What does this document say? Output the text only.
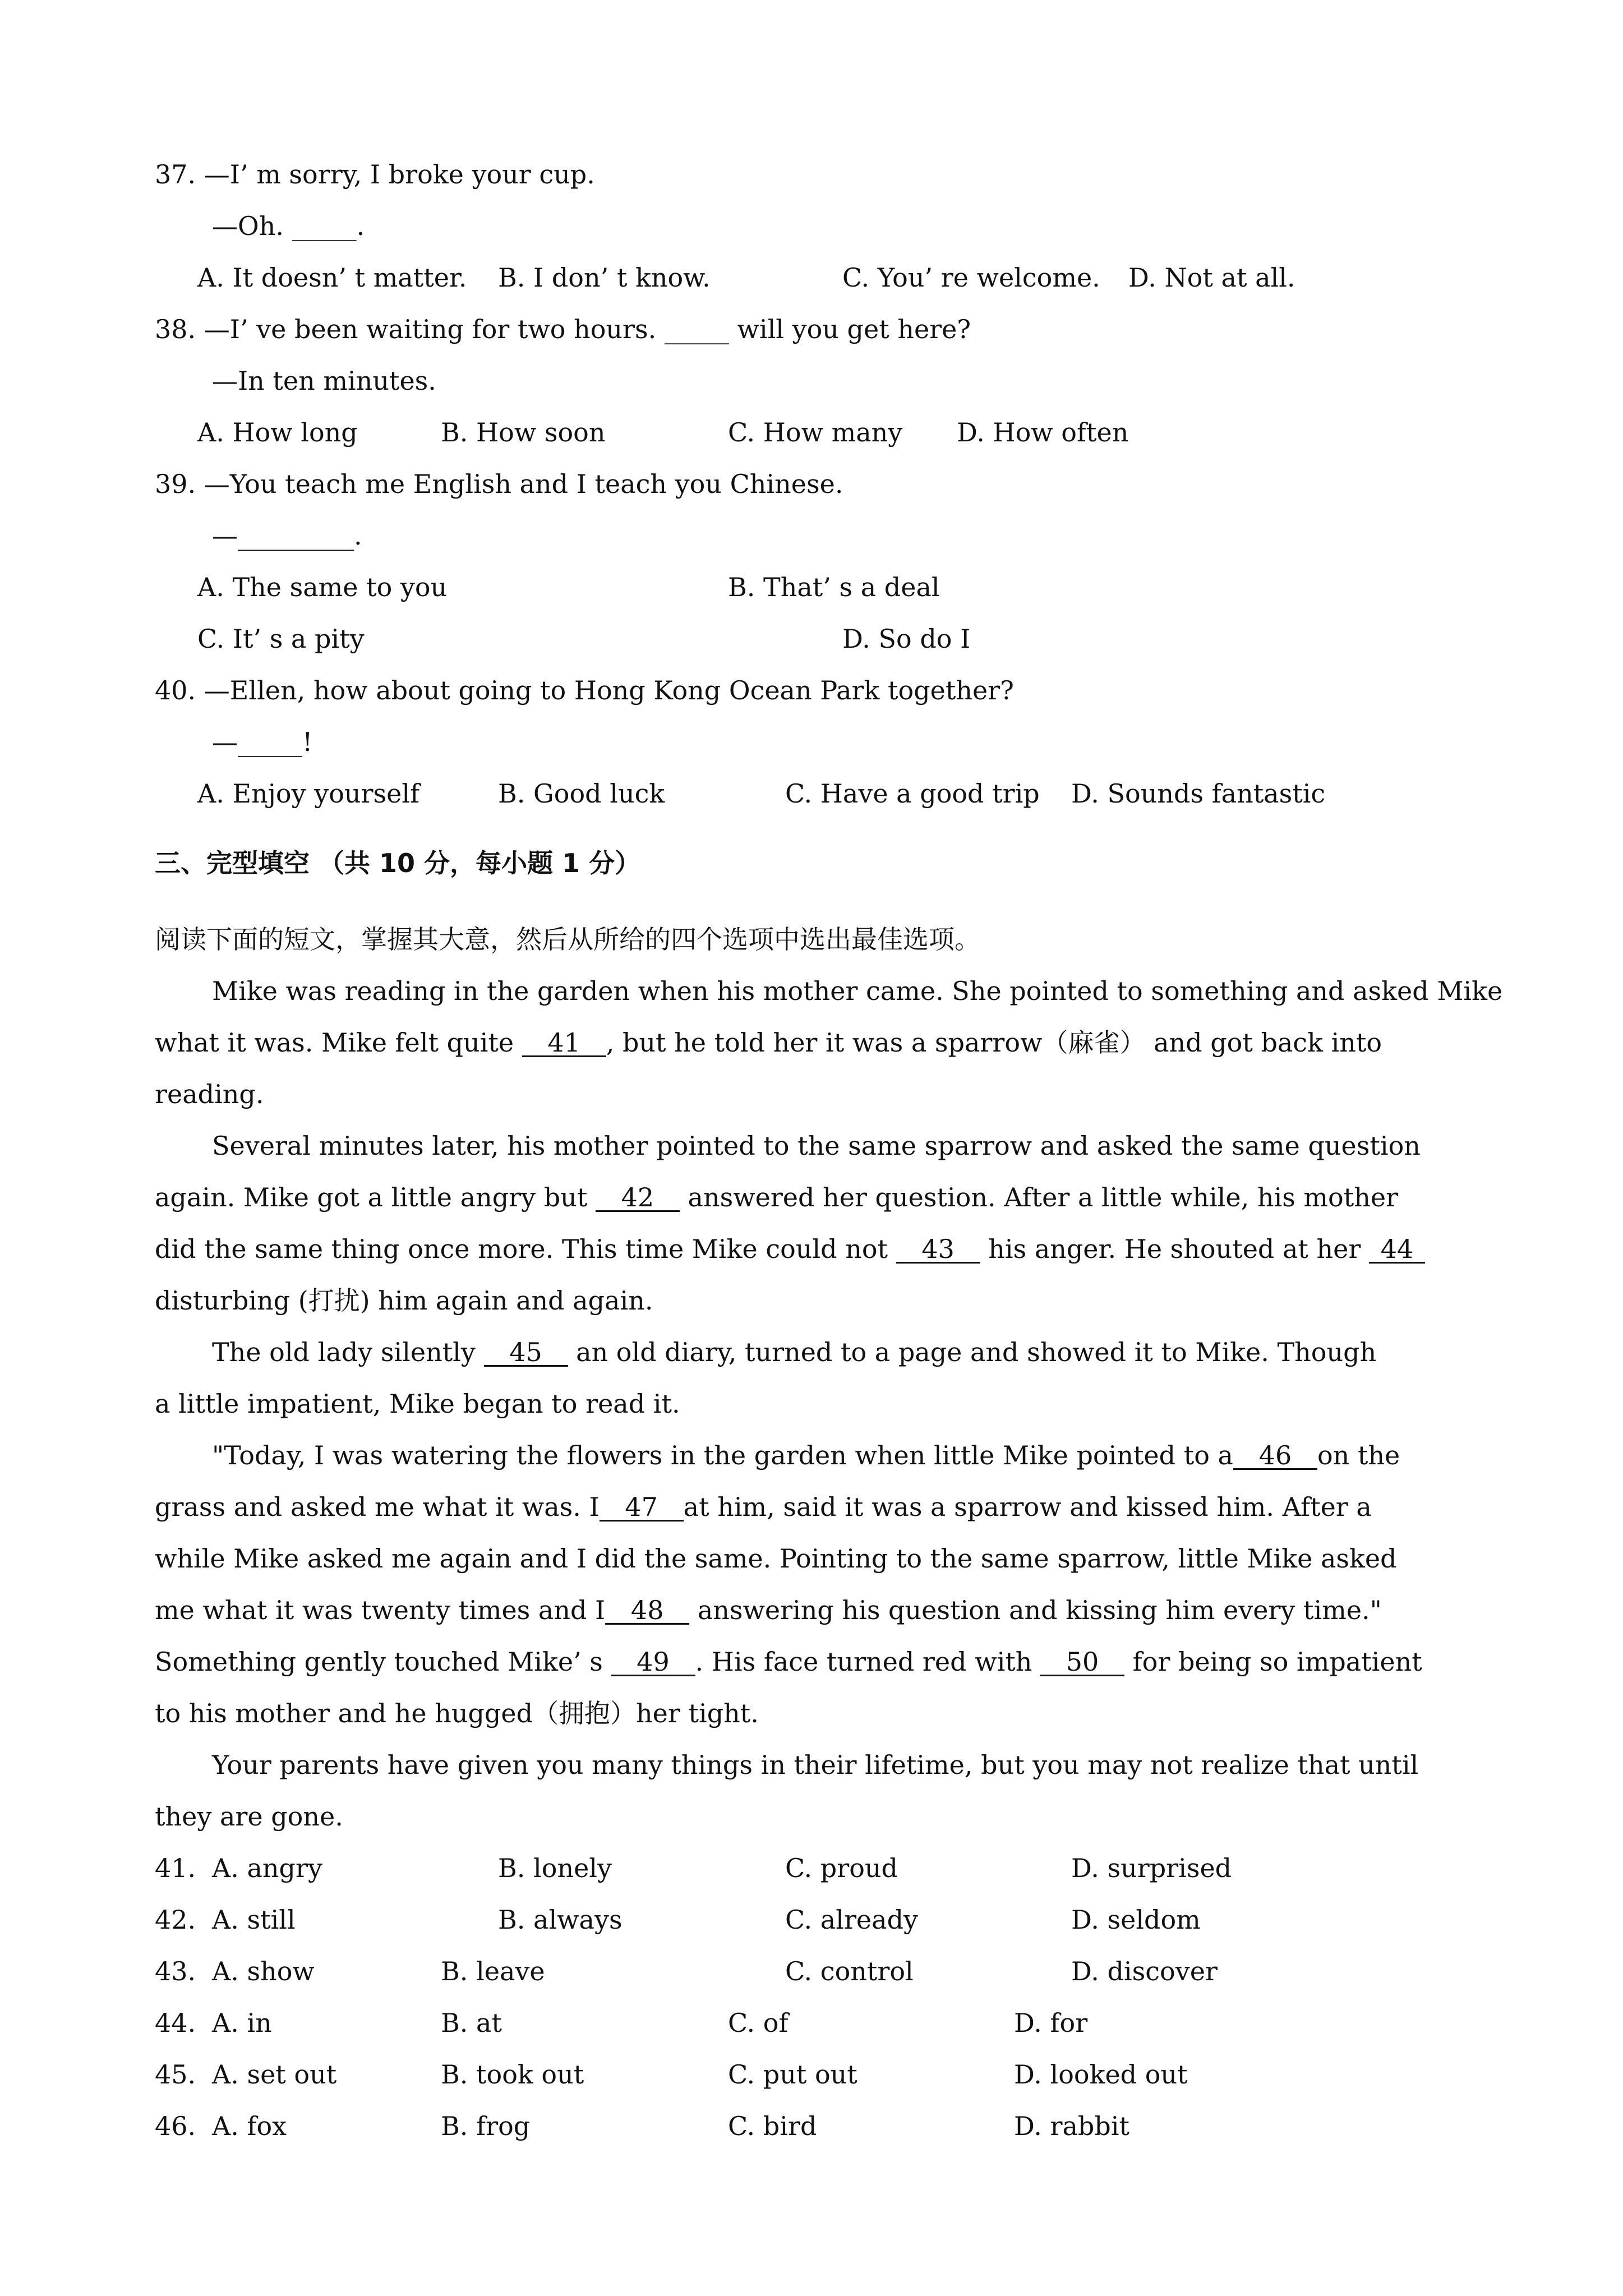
37. —I’ m sorry, I broke your cup.
—Oh. _____.
A. It doesn’ t matter. B. I don’ t know.	C. You’ re welcome. D. Not at all.
38. —I’ ve been waiting for two hours. _____ will you get here?
—In ten minutes.
A. How long	B. How soon	C. How many D. How often
39. —You teach me English and I teach you Chinese.
—_________.
A. The same to you	B. That’ s a deal
C. It’ s a pity	D. So do I
40. —Ellen, how about going to Hong Kong Ocean Park together?
—_____!
A. Enjoy yourself	B. Good luck	C. Have a good trip D. Sounds fantastic
三、完型填空 （共 10 分，每小题 1 分）
阅读下面的短文，掌握其大意，然后从所给的四个选项中选出最佳选项。
Mike was reading in the garden when his mother came. She pointed to something and asked Mike
what it was. Mike felt quite 41 , but he told her it was a sparrow（麻雀） and got back into
reading.
Several minutes later, his mother pointed to the same sparrow and asked the same question
again. Mike got a little angry but 42 answered her question. After a little while, his mother
did the same thing once more. This time Mike could not 43 his anger. He shouted at her 44
disturbing (打扰) him again and again.
The old lady silently 45 an old diary, turned to a page and showed it to Mike. Though
a little impatient, Mike began to read it.
"Today, I was watering the flowers in the garden when little Mike pointed to a 46 on the
grass and asked me what it was. I 47 at him, said it was a sparrow and kissed him. After a
while Mike asked me again and I did the same. Pointing to the same sparrow, little Mike asked
me what it was twenty times and I 48 answering his question and kissing him every time."
Something gently touched Mike’ s 49 . His face turned red with 50 for being so impatient
to his mother and he hugged（拥抱）her tight.
Your parents have given you many things in their lifetime, but you may not realize that until
they are gone.
41. A. angry	B. lonely	C. proud	D. surprised
42. A. still	B. always	C. already	D. seldom
43. A. show	B. leave	C. control	D. discover
44. A. in	B. at	C. of	D. for
45. A. set out	B. took out	C. put out	D. looked out
46. A. fox	B. frog	C. bird	D. rabbit
